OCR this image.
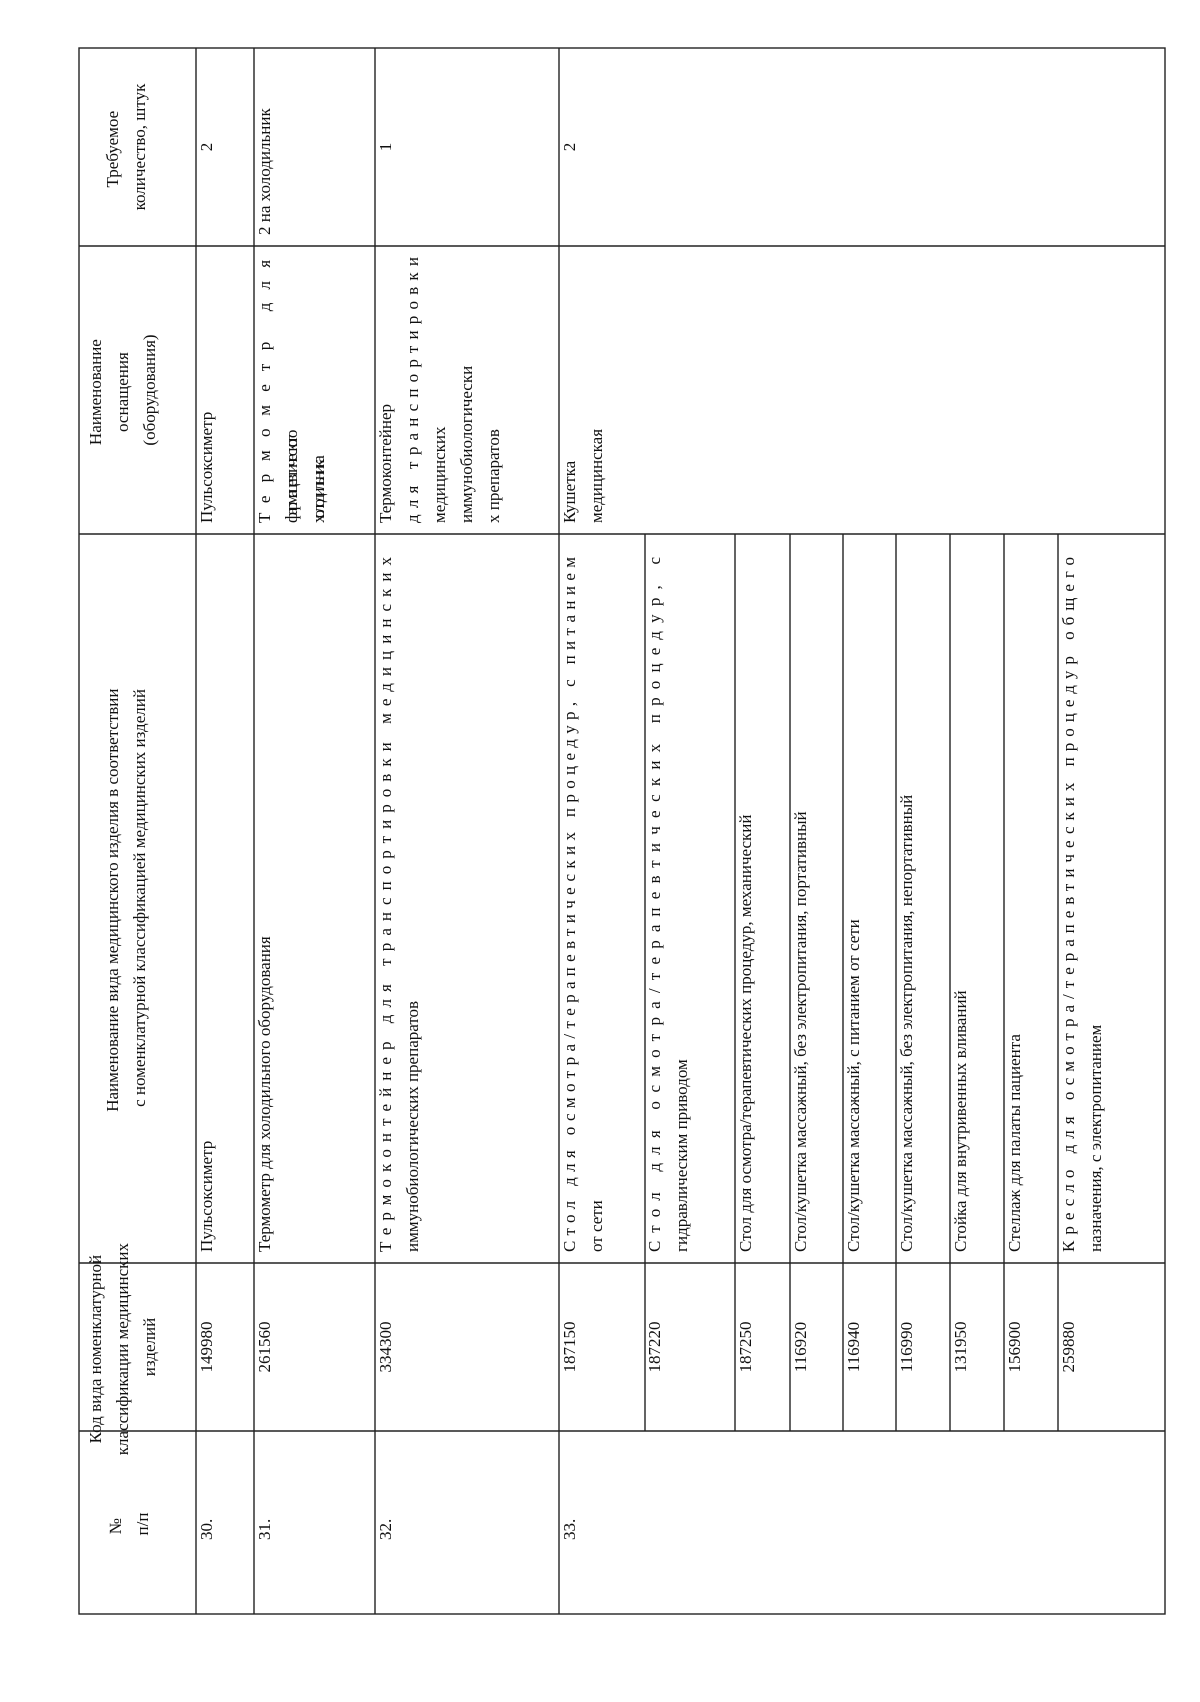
№ п/п
Код вида номенклатурной классификации медицинских изделий
Наименование вида медицинского изделия в соответствии с номенклатурной классификацией медицинских изделий
Наименование оснащения (оборудования)
Требуемое количество, штук
30.
Пульсоксиметр
2
31.
Термометр для фармацевтического холодильника
2 на холодильник
32.
Термоконтейнер для транспортировки медицинских иммунобиологически х препаратов
1
33.
Кушетка медицинская
2
149980
Пульсоксиметр
261560
Термометр для холодильного оборудования
334300
Термоконтейнер для транспортировки медицинских иммунобиологических препаратов
187150
Стол для осмотра/терапевтических процедур, с питанием от сети
187220
Стол для осмотра/терапевтических процедур, с гидравлическим приводом
187250
Стол для осмотра/терапевтических процедур, механический
116920
Стол/кушетка массажный, без электропитания, портативный
116940
Стол/кушетка массажный, с питанием от сети
116990
Стол/кушетка массажный, без электропитания, непортативный
131950
Стойка для внутривенных вливаний
156900
Стеллаж для палаты пациента
259880
Кресло для осмотра/терапевтических процедур общего назначения, с электропитанием
